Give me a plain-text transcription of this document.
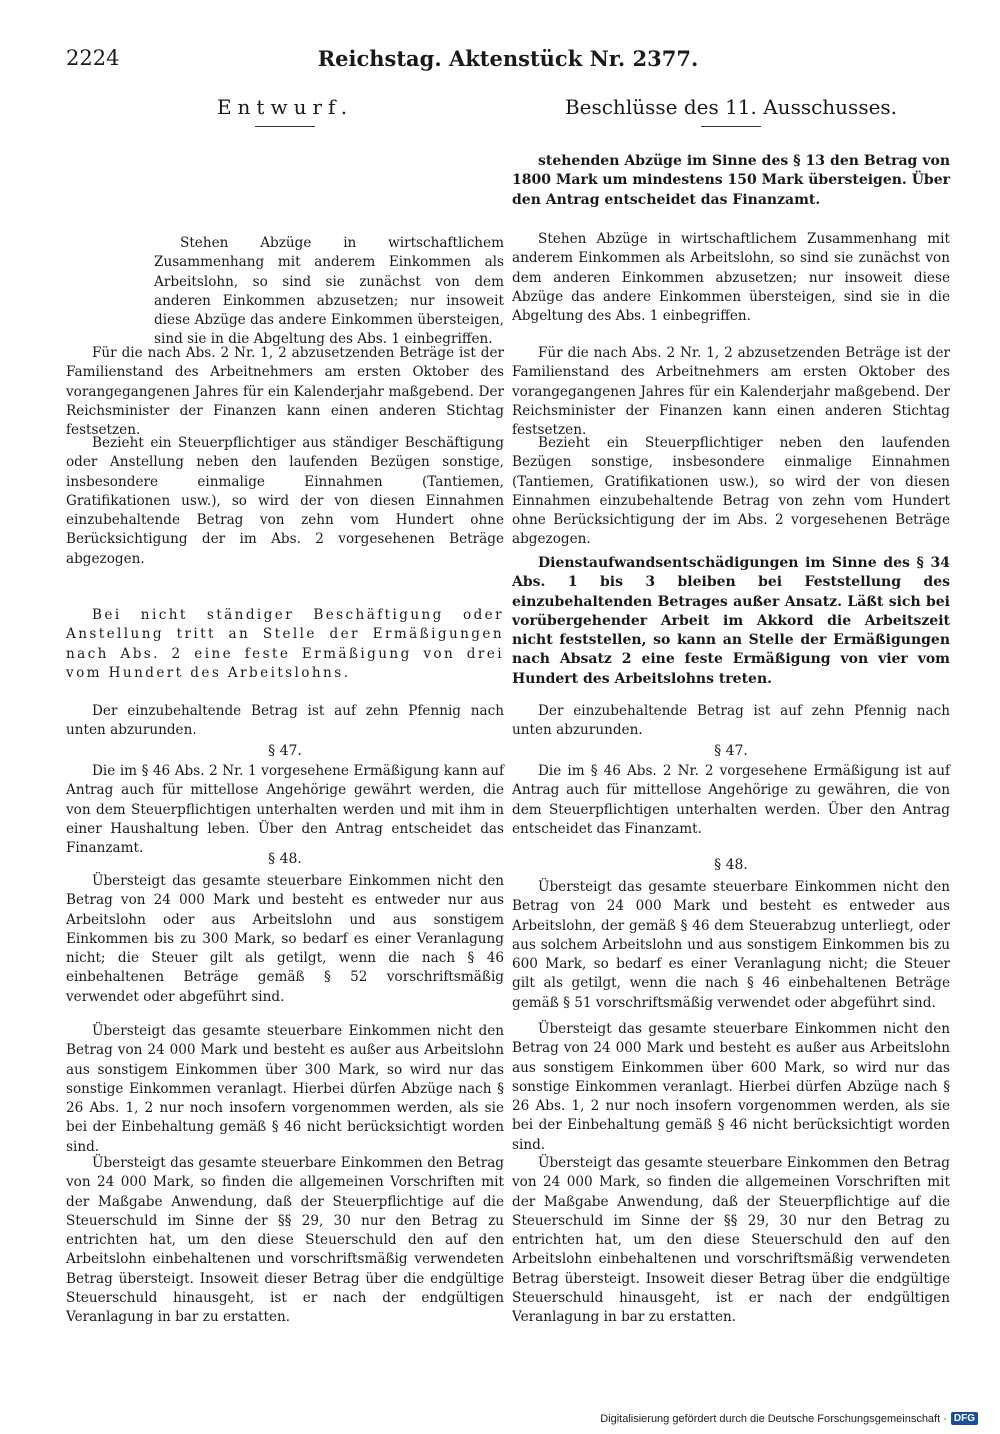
2224	Reichstag. Aktenstück Nr. 2377.
Entwurf.

Stehen Abzüge in wirtschaftlichem Zusammenhang mit anderem Einkommen als Arbeitslohn, so sind sie zunächst von dem anderen Einkommen abzusetzen; nur insoweit diese Abzüge das andere Einkommen übersteigen, sind sie in die Abgeltung des Abs. 1 einbegriffen.

Für die nach Abs. 2 Nr. 1, 2 abzusetzenden Beträge ist der Familienstand des Arbeitnehmers am ersten Oktober des vorangegangenen Jahres für ein Kalenderjahr maßgebend. Der Reichsminister der Finanzen kann einen anderen Stichtag festsetzen.

Bezieht ein Steuerpflichtiger aus ständiger Beschäftigung oder Anstellung neben den laufenden Bezügen sonstige, insbesondere einmalige Einnahmen (Tantiemen, Gratifikationen usw.), so wird der von diesen Einnahmen einzubehaltende Betrag von zehn vom Hundert ohne Berücksichtigung der im Abs. 2 vorgesehenen Beträge abgezogen.

Bei nicht ständiger Beschäftigung oder Anstellung tritt an Stelle der Ermäßigungen nach Abs. 2 eine feste Ermäßigung von drei vom Hundert des Arbeitslohns.

Der einzubehaltende Betrag ist auf zehn Pfennig nach unten abzurunden.

§ 47.

Die im § 46 Abs. 2 Nr. 1 vorgesehene Ermäßigung kann auf Antrag auch für mittellose Angehörige gewährt werden, die von dem Steuerpflichtigen unterhalten werden und mit ihm in einer Haushaltung leben. Über den Antrag entscheidet das Finanzamt.

§ 48.

Übersteigt das gesamte steuerbare Einkommen nicht den Betrag von 24 000 Mark und besteht es entweder nur aus Arbeitslohn oder aus Arbeitslohn und aus sonstigem Einkommen bis zu 300 Mark, so bedarf es einer Veranlagung nicht; die Steuer gilt als getilgt, wenn die nach § 46 einbehaltenen Beträge gemäß § 52 vorschriftsmäßig verwendet oder abgeführt sind.

Übersteigt das gesamte steuerbare Einkommen nicht den Betrag von 24 000 Mark und besteht es außer aus Arbeitslohn aus sonstigem Einkommen über 300 Mark, so wird nur das sonstige Einkommen veranlagt. Hierbei dürfen Abzüge nach § 26 Abs. 1, 2 nur noch insofern vorgenommen werden, als sie bei der Einbehaltung gemäß § 46 nicht berücksichtigt worden sind.

Übersteigt das gesamte steuerbare Einkommen den Betrag von 24 000 Mark, so finden die allgemeinen Vorschriften mit der Maßgabe Anwendung, daß der Steuerpflichtige auf die Steuerschuld im Sinne der §§ 29, 30 nur den Betrag zu entrichten hat, um den diese Steuerschuld den auf den Arbeitslohn einbehaltenen und vorschriftsmäßig verwendeten Betrag übersteigt. Insoweit dieser Betrag über die endgültige Steuerschuld hinausgeht, ist er nach der endgültigen Veranlagung in bar zu erstatten.

Beschlüsse des 11. Ausschusses.

stehenden Abzüge im Sinne des § 13 den Betrag von 1800 Mark um mindestens 150 Mark übersteigen. Über den Antrag entscheidet das Finanzamt.

Stehen Abzüge in wirtschaftlichem Zusammenhang mit anderem Einkommen als Arbeitslohn, so sind sie zunächst von dem anderen Einkommen abzusetzen; nur insoweit diese Abzüge das andere Einkommen übersteigen, sind sie in die Abgeltung des Abs. 1 einbegriffen.

Für die nach Abs. 2 Nr. 1, 2 abzusetzenden Beträge ist der Familienstand des Arbeitnehmers am ersten Oktober des vorangegangenen Jahres für ein Kalenderjahr maßgebend. Der Reichsminister der Finanzen kann einen anderen Stichtag festsetzen.

Bezieht ein Steuerpflichtiger neben den laufenden Bezügen sonstige, insbesondere einmalige Einnahmen (Tantiemen, Gratifikationen usw.), so wird der von diesen Einnahmen einzubehaltende Betrag von zehn vom Hundert ohne Berücksichtigung der im Abs. 2 vorgesehenen Beträge abgezogen.

Dienstaufwandsentschädigungen im Sinne des § 34 Abs. 1 bis 3 bleiben bei Feststellung des einzubehaltenden Betrages außer Ansatz. Läßt sich bei vorübergehender Arbeit im Akkord die Arbeitszeit nicht feststellen, so kann an Stelle der Ermäßigungen nach Absatz 2 eine feste Ermäßigung von vier vom Hundert des Arbeitslohns treten.

Der einzubehaltende Betrag ist auf zehn Pfennig nach unten abzurunden.

§ 47.

Die im § 46 Abs. 2 Nr. 2 vorgesehene Ermäßigung ist auf Antrag auch für mittellose Angehörige zu gewähren, die von dem Steuerpflichtigen unterhalten werden. Über den Antrag entscheidet das Finanzamt.

§ 48.

Übersteigt das gesamte steuerbare Einkommen nicht den Betrag von 24 000 Mark und besteht es entweder aus Arbeitslohn, der gemäß § 46 dem Steuerabzug unterliegt, oder aus solchem Arbeitslohn und aus sonstigem Einkommen bis zu 600 Mark, so bedarf es einer Veranlagung nicht; die Steuer gilt als getilgt, wenn die nach § 46 einbehaltenen Beträge gemäß § 51 vorschriftsmäßig verwendet oder abgeführt sind.

Übersteigt das gesamte steuerbare Einkommen nicht den Betrag von 24 000 Mark und besteht es außer aus Arbeitslohn aus sonstigem Einkommen über 600 Mark, so wird nur das sonstige Einkommen veranlagt. Hierbei dürfen Abzüge nach § 26 Abs. 1, 2 nur noch insofern vorgenommen werden, als sie bei der Einbehaltung gemäß § 46 nicht berücksichtigt worden sind.

Übersteigt das gesamte steuerbare Einkommen den Betrag von 24 000 Mark, so finden die allgemeinen Vorschriften mit der Maßgabe Anwendung, daß der Steuerpflichtige auf die Steuerschuld im Sinne der §§ 29, 30 nur den Betrag zu entrichten hat, um den diese Steuerschuld den auf den Arbeitslohn einbehaltenen und vorschriftsmäßig verwendeten Betrag übersteigt. Insoweit dieser Betrag über die endgültige Steuerschuld hinausgeht, ist er nach der endgültigen Veranlagung in bar zu erstatten.

Digitalisierung gefördert durch die Deutsche Forschungsgemeinschaft · DFG
